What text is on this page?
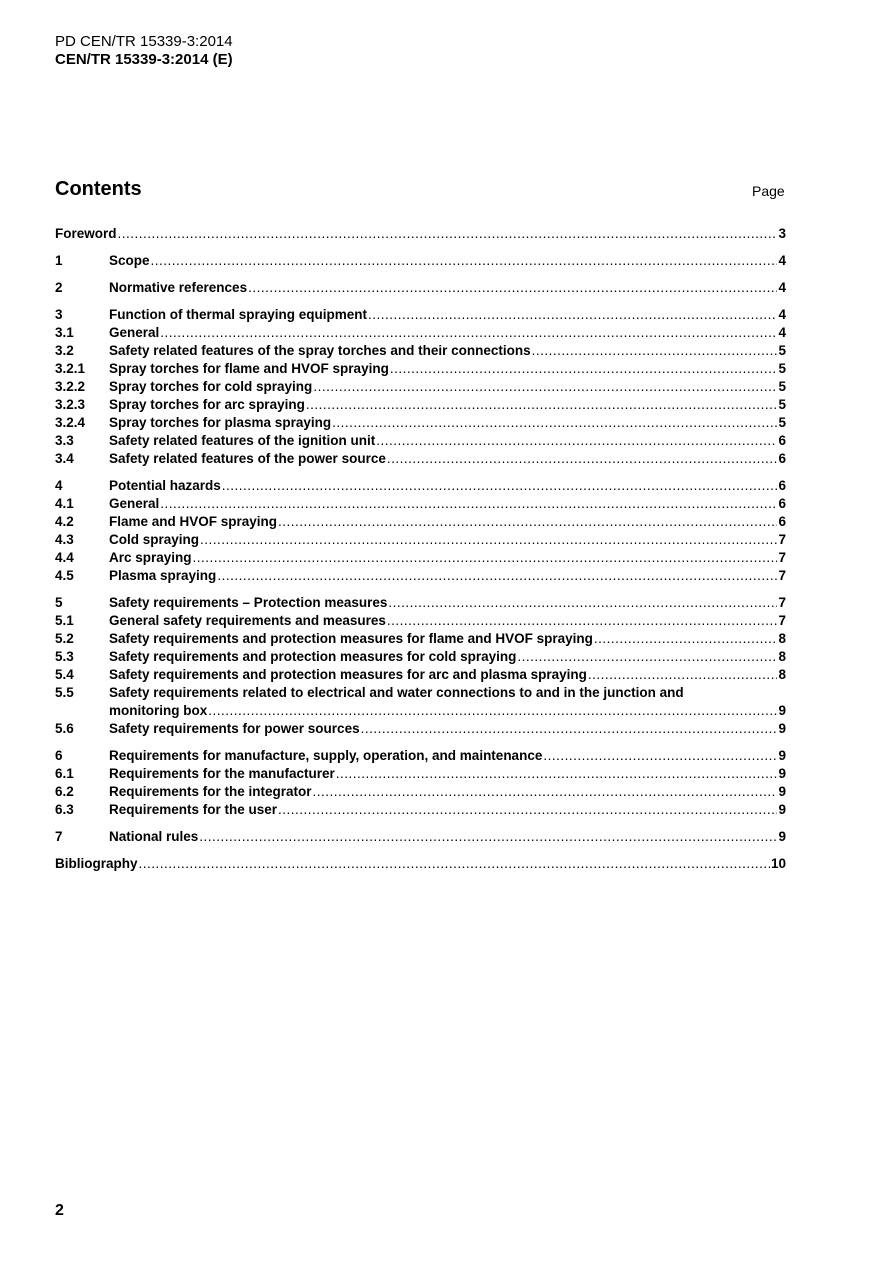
PD CEN/TR 15339-3:2014
CEN/TR 15339-3:2014 (E)
Contents	Page
Foreword .....	3
1	Scope .....	4
2	Normative references .....	4
3	Function of thermal spraying equipment .....	4
3.1	General .....	4
3.2	Safety related features of the spray torches and their connections .....	5
3.2.1	Spray torches for flame and HVOF spraying .....	5
3.2.2	Spray torches for cold spraying .....	5
3.2.3	Spray torches for arc spraying .....	5
3.2.4	Spray torches for plasma spraying .....	5
3.3	Safety related features of the ignition unit .....	6
3.4	Safety related features of the power source .....	6
4	Potential hazards .....	6
4.1	General .....	6
4.2	Flame and HVOF spraying .....	6
4.3	Cold spraying .....	7
4.4	Arc spraying .....	7
4.5	Plasma spraying .....	7
5	Safety requirements – Protection measures .....	7
5.1	General safety requirements and measures .....	7
5.2	Safety requirements and protection measures for flame and HVOF spraying .....	8
5.3	Safety requirements and protection measures for cold spraying .....	8
5.4	Safety requirements and protection measures for arc and plasma spraying .....	8
5.5	Safety requirements related to electrical and water connections to and in the junction and
monitoring box .....	9
5.6	Safety requirements for power sources .....	9
6	Requirements for manufacture, supply, operation, and maintenance .....	9
6.1	Requirements for the manufacturer .....	9
6.2	Requirements for the integrator .....	9
6.3	Requirements for the user .....	9
7	National rules .....	9
Bibliography .....	10
2
